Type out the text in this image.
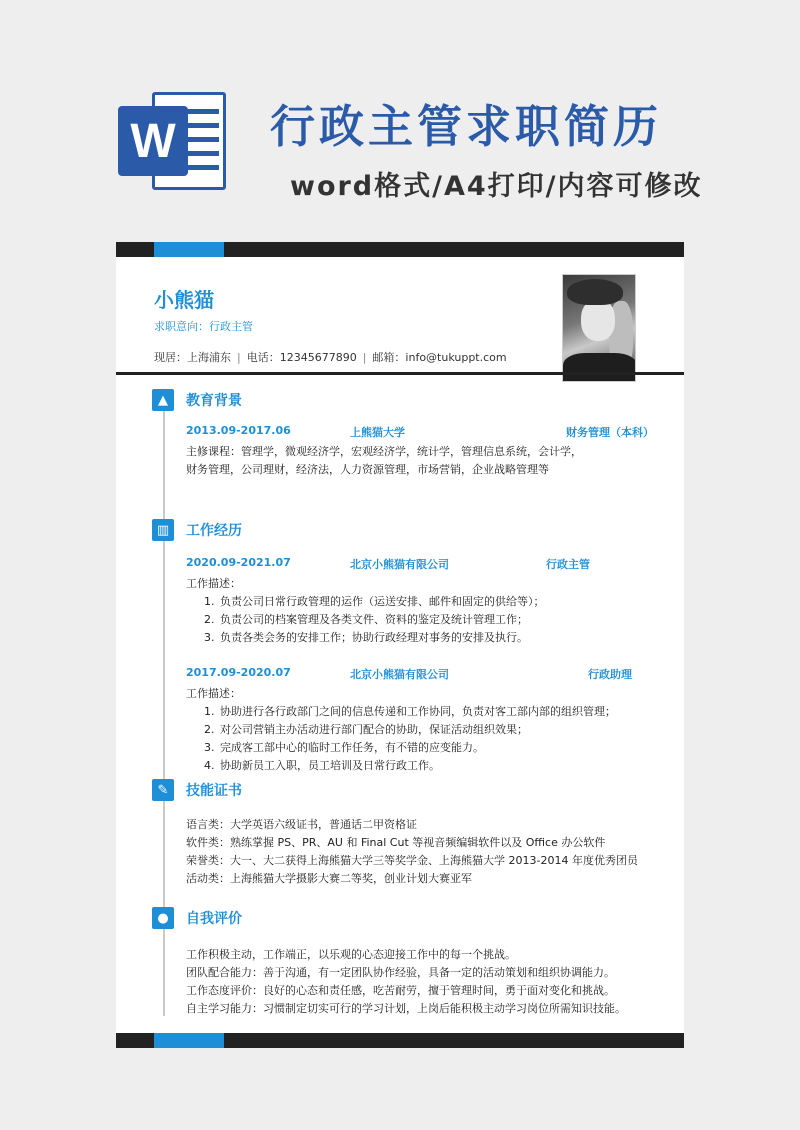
W 行政主管求职简历
word格式/A4打印/内容可修改
小熊猫
求职意向：行政主管
现居：上海浦东 | 电话：12345677890 | 邮箱：info@tukuppt.com
▲	教育背景
2013.09-2017.06	上熊猫大学	财务管理（本科）
主修课程：管理学，微观经济学，宏观经济学，统计学，管理信息系统，会计学，
财务管理，公司理财，经济法，人力资源管理，市场营销，企业战略管理等
▥	工作经历
2020.09-2021.07	北京小熊猫有限公司	行政主管
工作描述：
1. 负责公司日常行政管理的运作（运送安排、邮件和固定的供给等）；
2. 负责公司的档案管理及各类文件、资料的鉴定及统计管理工作；
3. 负责各类会务的安排工作；协助行政经理对事务的安排及执行。
2017.09-2020.07	北京小熊猫有限公司	行政助理
工作描述：
1. 协助进行各行政部门之间的信息传递和工作协同，负责对客工部内部的组织管理；
2. 对公司营销主办活动进行部门配合的协助，保证活动组织效果；
3. 完成客工部中心的临时工作任务，有不错的应变能力。
4. 协助新员工入职，员工培训及日常行政工作。
✎	技能证书
语言类：大学英语六级证书，普通话二甲资格证
软件类：熟练掌握 PS、PR、AU 和 Final Cut 等视音频编辑软件以及 Office 办公软件
荣誉类：大一、大二获得上海熊猫大学三等奖学金、上海熊猫大学 2013-2014 年度优秀团员
活动类：上海熊猫大学摄影大赛二等奖，创业计划大赛亚军
●	自我评价
工作积极主动，工作端正，以乐观的心态迎接工作中的每一个挑战。
团队配合能力：善于沟通，有一定团队协作经验，具备一定的活动策划和组织协调能力。
工作态度评价：良好的心态和责任感，吃苦耐劳，擅于管理时间，勇于面对变化和挑战。
自主学习能力：习惯制定切实可行的学习计划，上岗后能积极主动学习岗位所需知识技能。
